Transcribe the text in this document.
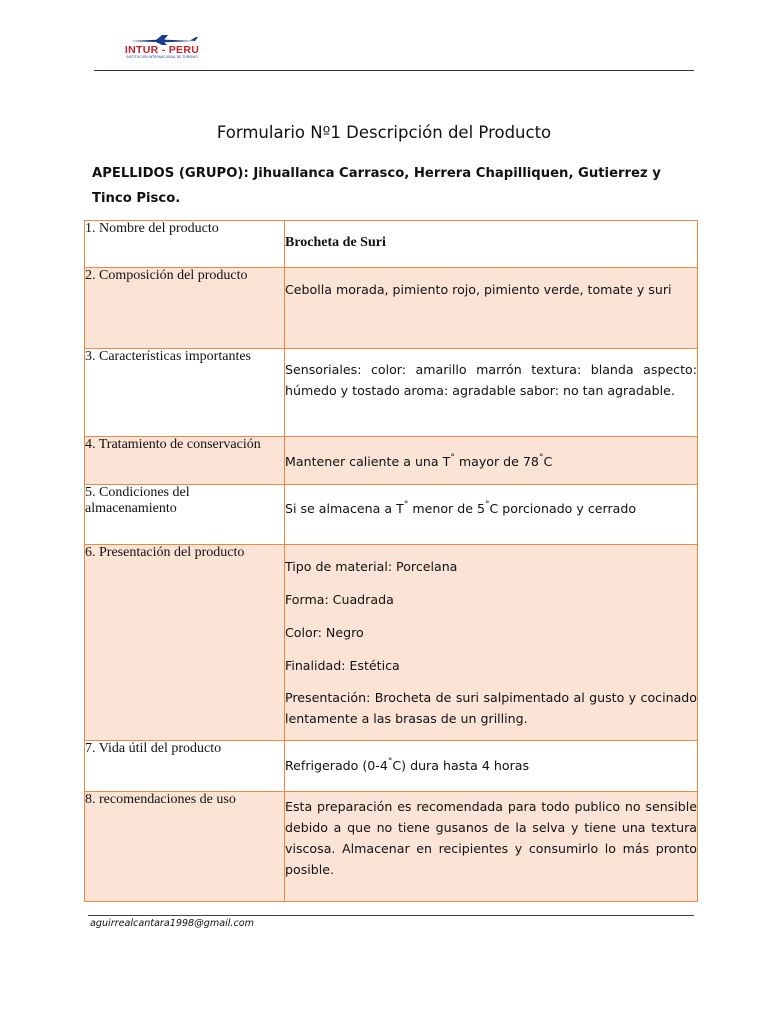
INTUR - PERU
INSTITUCIÓN INTERNACIONAL DE TURISMO
Formulario Nº1 Descripción del Producto
APELLIDOS (GRUPO): Jihuallanca Carrasco, Herrera Chapilliquen, Gutierrez y Tinco Pisco.
1. Nombre del producto	Brocheta de Suri

2. Composición del producto	Cebolla morada, pimiento rojo, pimiento verde, tomate y suri

3. Características importantes	Sensoriales: color: amarillo marrón textura: blanda aspecto: húmedo y tostado aroma: agradable sabor: no tan agradable.

4. Tratamiento de conservación	Mantener caliente a una T° mayor de 78°C

5. Condiciones del almacenamiento	Si se almacena a T° menor de 5°C porcionado y cerrado

6. Presentación del producto	Tipo de material: Porcelana
Forma: Cuadrada
Color: Negro
Finalidad: Estética
Presentación: Brocheta de suri salpimentado al gusto y cocinado lentamente a las brasas de un grilling.

7. Vida útil del producto	Refrigerado (0-4°C) dura hasta 4 horas

8. recomendaciones de uso	Esta preparación es recomendada para todo publico no sensible debido a que no tiene gusanos de la selva y tiene una textura viscosa. Almacenar en recipientes y consumirlo lo más pronto posible.
aguirrealcantara1998@gmail.com
